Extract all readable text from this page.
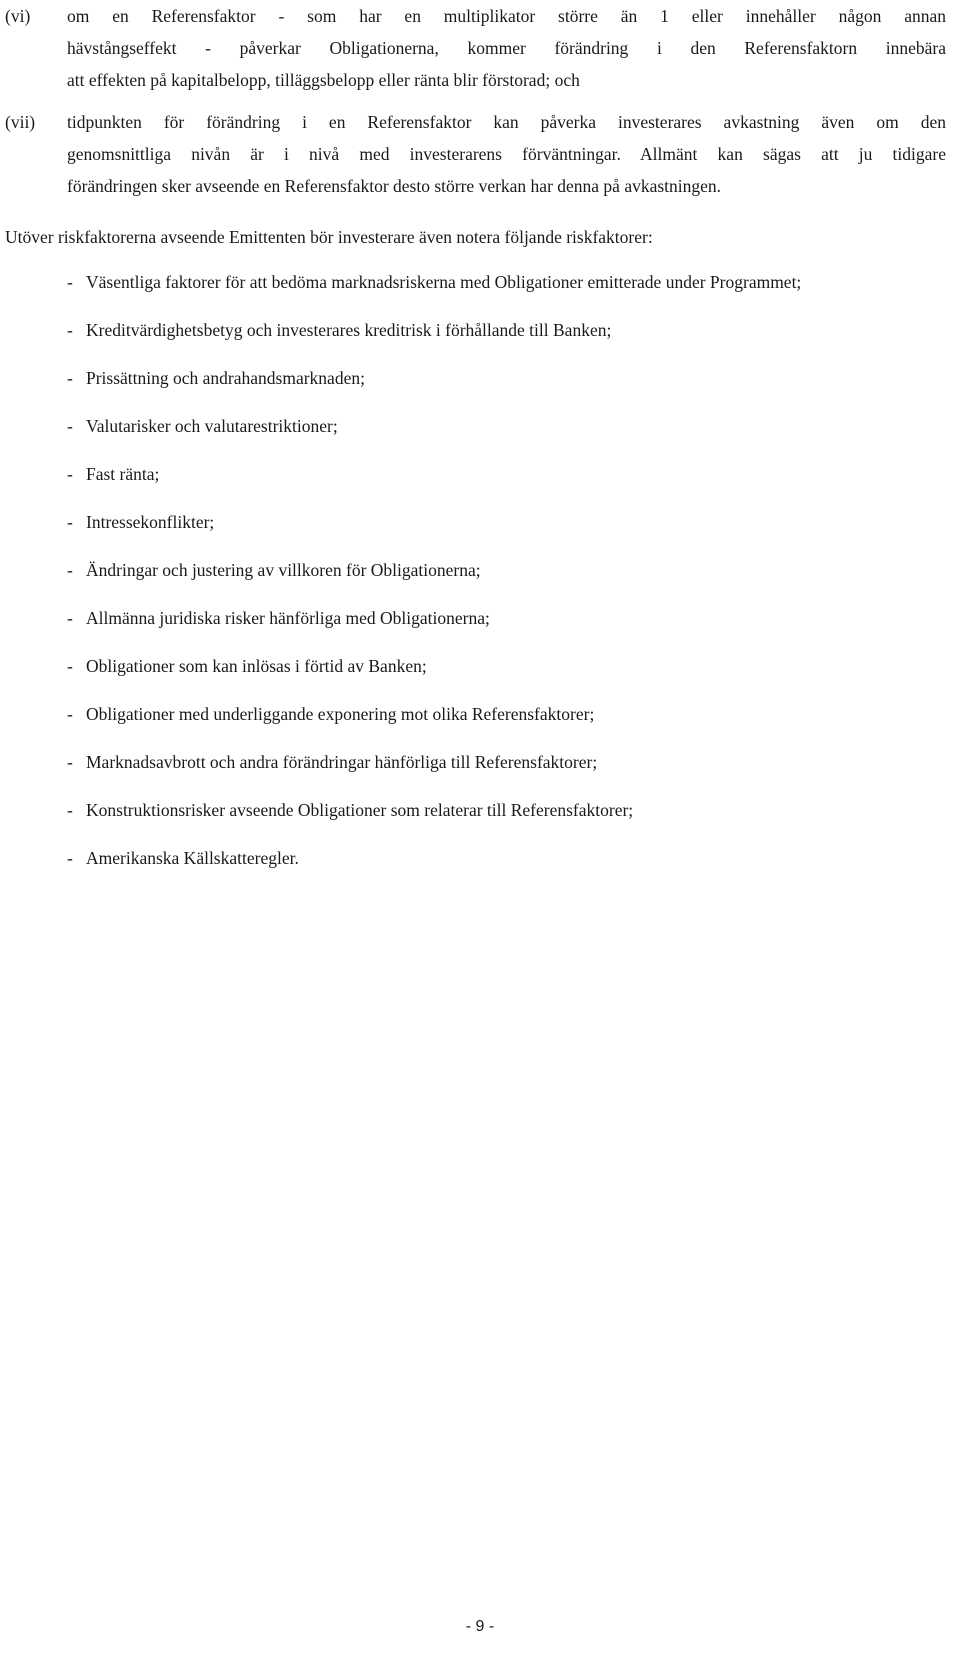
(vi) om en Referensfaktor - som har en multiplikator större än 1 eller innehåller någon annan
hävstångseffekt - påverkar Obligationerna, kommer förändring i den Referensfaktorn innebära
att effekten på kapitalbelopp, tilläggsbelopp eller ränta blir förstorad; och
(vii) tidpunkten för förändring i en Referensfaktor kan påverka investerares avkastning även om den
genomsnittliga nivån är i nivå med investerarens förväntningar. Allmänt kan sägas att ju tidigare
förändringen sker avseende en Referensfaktor desto större verkan har denna på avkastningen.
Utöver riskfaktorerna avseende Emittenten bör investerare även notera följande riskfaktorer:
- Väsentliga faktorer för att bedöma marknadsriskerna med Obligationer emitterade under Programmet;
- Kreditvärdighetsbetyg och investerares kreditrisk i förhållande till Banken;
- Prissättning och andrahandsmarknaden;
- Valutarisker och valutarestriktioner;
- Fast ränta;
- Intressekonflikter;
- Ändringar och justering av villkoren för Obligationerna;
- Allmänna juridiska risker hänförliga med Obligationerna;
- Obligationer som kan inlösas i förtid av Banken;
- Obligationer med underliggande exponering mot olika Referensfaktorer;
- Marknadsavbrott och andra förändringar hänförliga till Referensfaktorer;
- Konstruktionsrisker avseende Obligationer som relaterar till Referensfaktorer;
- Amerikanska Källskatteregler.
- 9 -
